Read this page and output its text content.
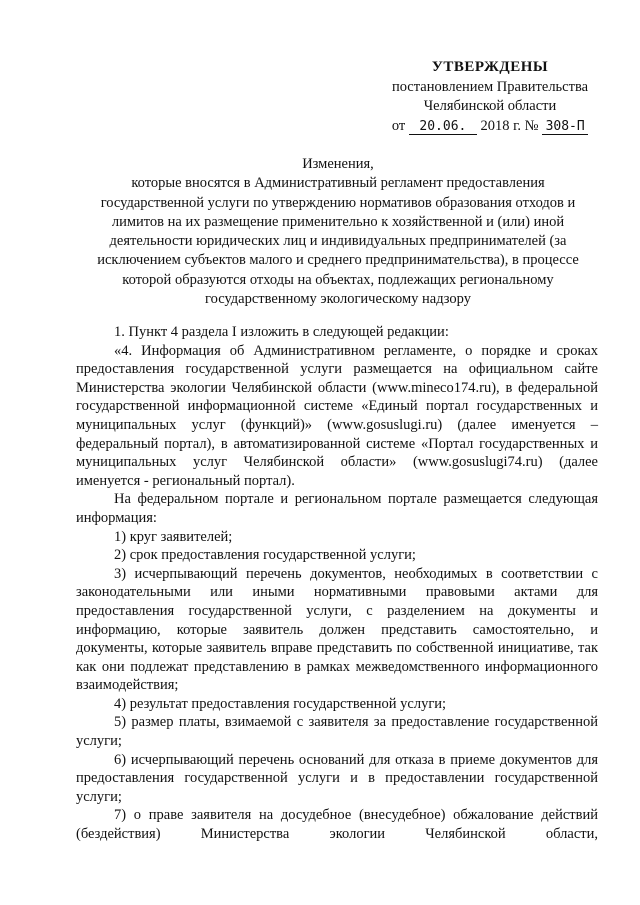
УТВЕРЖДЕНЫ
постановлением Правительства
Челябинской области
от 20.06. 2018 г. № 308-П
Изменения,
которые вносятся в Административный регламент предоставления
государственной услуги по утверждению нормативов образования отходов и
лимитов на их размещение применительно к хозяйственной и (или) иной
деятельности юридических лиц и индивидуальных предпринимателей (за
исключением субъектов малого и среднего предпринимательства), в процессе
которой образуются отходы на объектах, подлежащих региональному
государственному экологическому надзору

1. Пункт 4 раздела I изложить в следующей редакции:

«4. Информация об Административном регламенте, о порядке и сроках предоставления государственной услуги размещается на официальном сайте Министерства экологии Челябинской области (www.mineco174.ru), в федеральной государственной информационной системе «Единый портал государственных и муниципальных услуг (функций)» (www.gosuslugi.ru) (далее именуется – федеральный портал), в автоматизированной системе «Портал государственных и муниципальных услуг Челябинской области» (www.gosuslugi74.ru) (далее именуется - региональный портал).

На федеральном портале и региональном портале размещается следующая информация:

1) круг заявителей;

2) срок предоставления государственной услуги;

3) исчерпывающий перечень документов, необходимых в соответствии с законодательными или иными нормативными правовыми актами для предоставления государственной услуги, с разделением на документы и информацию, которые заявитель должен представить самостоятельно, и документы, которые заявитель вправе представить по собственной инициативе, так как они подлежат представлению в рамках межведомственного информационного взаимодействия;

4) результат предоставления государственной услуги;

5) размер платы, взимаемой с заявителя за предоставление государственной услуги;

6) исчерпывающий перечень оснований для отказа в приеме документов для предоставления государственной услуги и в предоставлении государственной услуги;

7) о праве заявителя на досудебное (внесудебное) обжалование действий (бездействия) Министерства экологии Челябинской области,
